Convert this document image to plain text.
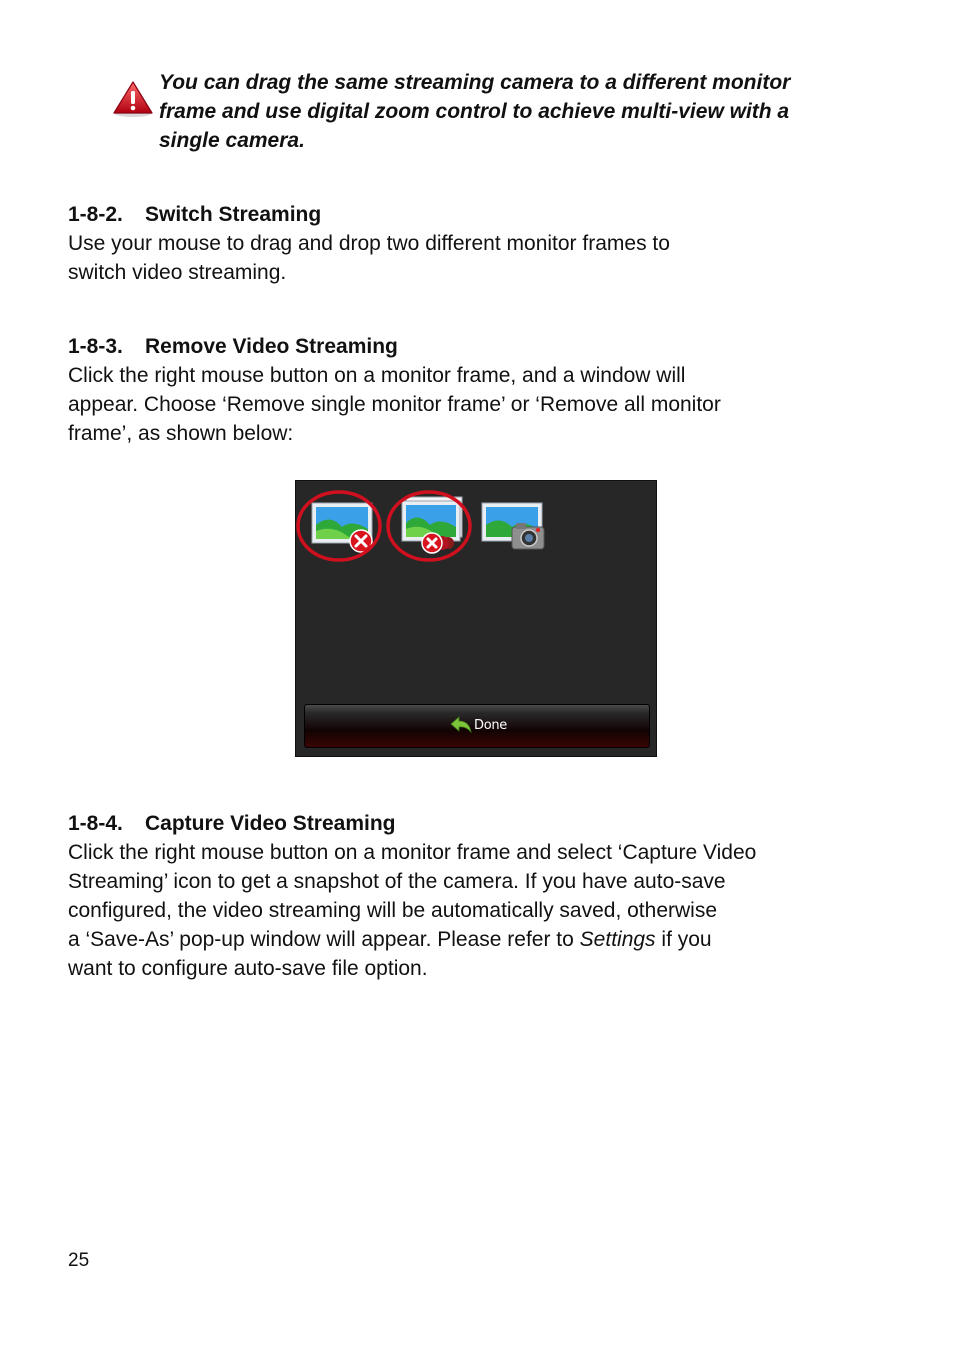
You can drag the same streaming camera to a different monitor
frame and use digital zoom control to achieve multi-view with a
single camera.
1-8-2. Switch Streaming

Use your mouse to drag and drop two different monitor frames to
switch video streaming.

1-8-3. Remove Video Streaming

Click the right mouse button on a monitor frame, and a window will
appear. Choose ‘Remove single monitor frame’ or ‘Remove all monitor
frame’, as shown below:

Done
1-8-4. Capture Video Streaming

Click the right mouse button on a monitor frame and select ‘Capture Video
Streaming’ icon to get a snapshot of the camera. If you have auto-save
configured, the video streaming will be automatically saved, otherwise
a ‘Save-As’ pop-up window will appear. Please refer to Settings if you
want to configure auto-save file option.

25
